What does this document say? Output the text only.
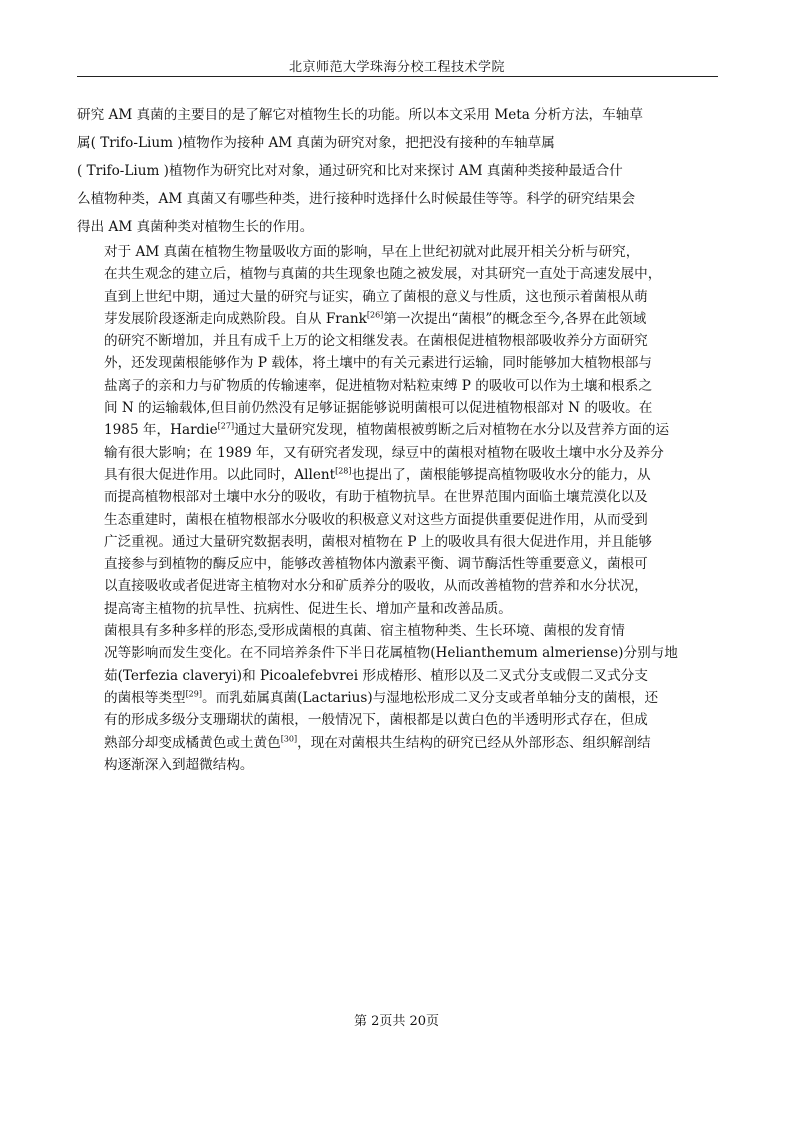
北京师范大学珠海分校工程技术学院
研究 AM 真菌的主要目的是了解它对植物生长的功能。所以本文采用 Meta 分析方法，车轴草
属( Trifo-Lium )植物作为接种 AM 真菌为研究对象，把把没有接种的车轴草属
( Trifo-Lium )植物作为研究比对对象，通过研究和比对来探讨 AM 真菌种类接种最适合什
么植物种类，AM 真菌又有哪些种类，进行接种时选择什么时候最佳等等。科学的研究结果会
得出 AM 真菌种类对植物生长的作用。
对于 AM 真菌在植物生物量吸收方面的影响，早在上世纪初就对此展开相关分析与研究，
在共生观念的建立后，植物与真菌的共生现象也随之被发展，对其研究一直处于高速发展中，
直到上世纪中期，通过大量的研究与证实，确立了菌根的意义与性质，这也预示着菌根从萌
芽发展阶段逐渐走向成熟阶段。自从 Frank[26]第一次提出“菌根”的概念至今,各界在此领域
的研究不断增加，并且有成千上万的论文相继发表。在菌根促进植物根部吸收养分方面研究
外，还发现菌根能够作为 P 载体，将土壤中的有关元素进行运输，同时能够加大植物根部与
盐离子的亲和力与矿物质的传输速率，促进植物对粘粒束缚 P 的吸收可以作为土壤和根系之
间 N 的运输载体,但目前仍然没有足够证据能够说明菌根可以促进植物根部对 N 的吸收。在
1985 年，Hardie[27]通过大量研究发现，植物菌根被剪断之后对植物在水分以及营养方面的运
输有很大影响；在 1989 年，又有研究者发现，绿豆中的菌根对植物在吸收土壤中水分及养分
具有很大促进作用。以此同时，Allent[28]也提出了，菌根能够提高植物吸收水分的能力，从
而提高植物根部对土壤中水分的吸收，有助于植物抗旱。在世界范围内面临土壤荒漠化以及
生态重建时，菌根在植物根部水分吸收的积极意义对这些方面提供重要促进作用，从而受到
广泛重视。通过大量研究数据表明，菌根对植物在 P 上的吸收具有很大促进作用，并且能够
直接参与到植物的酶反应中，能够改善植物体内激素平衡、调节酶活性等重要意义，菌根可
以直接吸收或者促进寄主植物对水分和矿质养分的吸收，从而改善植物的营养和水分状况，
提高寄主植物的抗旱性、抗病性、促进生长、增加产量和改善品质。
菌根具有多种多样的形态,受形成菌根的真菌、宿主植物种类、生长环境、菌根的发育情
况等影响而发生变化。在不同培养条件下半日花属植物(Helianthemum almeriense)分别与地
茹(Terfezia claveryi)和 Picoalefebvrei 形成椿形、植形以及二叉式分支或假二叉式分支
的菌根等类型[29]。而乳茹属真菌(Lactarius)与湿地松形成二叉分支或者单轴分支的菌根，还
有的形成多级分支珊瑚状的菌根，一般情况下，菌根都是以黄白色的半透明形式存在，但成
熟部分却变成橘黄色或土黄色[30]，现在对菌根共生结构的研究已经从外部形态、组织解剖结
构逐渐深入到超微结构。
第 2页共 20页
